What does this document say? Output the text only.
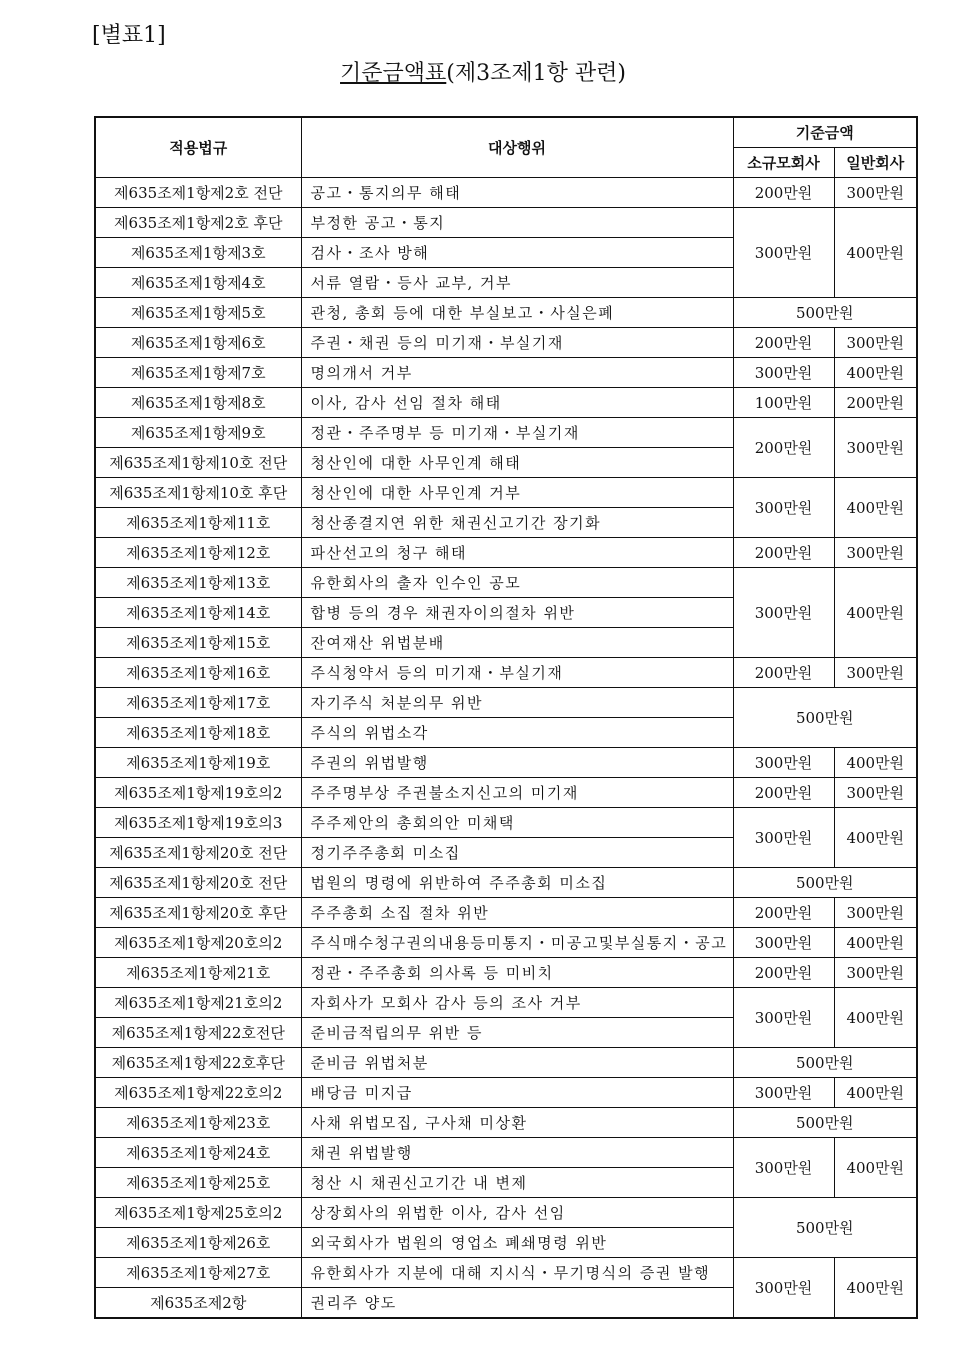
[별표1]
기준금액표(제3조제1항 관련)
적용법규	대상행위	기준금액	
		소규모회사	일반회사
제635조제1항제2호 전단	공고・통지의무 해태	200만원	300만원
제635조제1항제2호 후단	부정한 공고・통지	300만원	400만원
제635조제1항제3호	검사・조사 방해		
제635조제1항제4호	서류 열람・등사 교부, 거부		
제635조제1항제5호	관청, 총회 등에 대한 부실보고・사실은폐	500만원	
제635조제1항제6호	주권・채권 등의 미기재・부실기재	200만원	300만원
제635조제1항제7호	명의개서 거부	300만원	400만원
제635조제1항제8호	이사, 감사 선임 절차 해태	100만원	200만원
제635조제1항제9호	정관・주주명부 등 미기재・부실기재	200만원	300만원
제635조제1항제10호 전단	청산인에 대한 사무인계 해태		
제635조제1항제10호 후단	청산인에 대한 사무인계 거부	300만원	400만원
제635조제1항제11호	청산종결지연 위한 채권신고기간 장기화		
제635조제1항제12호	파산선고의 청구 해태	200만원	300만원
제635조제1항제13호	유한회사의 출자 인수인 공모	300만원	400만원
제635조제1항제14호	합병 등의 경우 채권자이의절차 위반		
제635조제1항제15호	잔여재산 위법분배		
제635조제1항제16호	주식청약서 등의 미기재・부실기재	200만원	300만원
제635조제1항제17호	자기주식 처분의무 위반	500만원	
제635조제1항제18호	주식의 위법소각		
제635조제1항제19호	주권의 위법발행	300만원	400만원
제635조제1항제19호의2	주주명부상 주권불소지신고의 미기재	200만원	300만원
제635조제1항제19호의3	주주제안의 총회의안 미채택	300만원	400만원
제635조제1항제20호 전단	정기주주총회 미소집		
제635조제1항제20호 전단	법원의 명령에 위반하여 주주총회 미소집	500만원	
제635조제1항제20호 후단	주주총회 소집 절차 위반	200만원	300만원
제635조제1항제20호의2	주식매수청구권의내용등미통지・미공고및부실통지・공고	300만원	400만원
제635조제1항제21호	정관・주주총회 의사록 등 미비치	200만원	300만원
제635조제1항제21호의2	자회사가 모회사 감사 등의 조사 거부	300만원	400만원
제635조제1항제22호전단	준비금적립의무 위반 등		
제635조제1항제22호후단	준비금 위법처분	500만원	
제635조제1항제22호의2	배당금 미지급	300만원	400만원
제635조제1항제23호	사채 위법모집, 구사채 미상환	500만원	
제635조제1항제24호	채권 위법발행	300만원	400만원
제635조제1항제25호	청산 시 채권신고기간 내 변제		
제635조제1항제25호의2	상장회사의 위법한 이사, 감사 선임	500만원	
제635조제1항제26호	외국회사가 법원의 영업소 폐쇄명령 위반		
제635조제1항제27호	유한회사가 지분에 대해 지시식・무기명식의 증권 발행	300만원	400만원
제635조제2항	권리주 양도		
